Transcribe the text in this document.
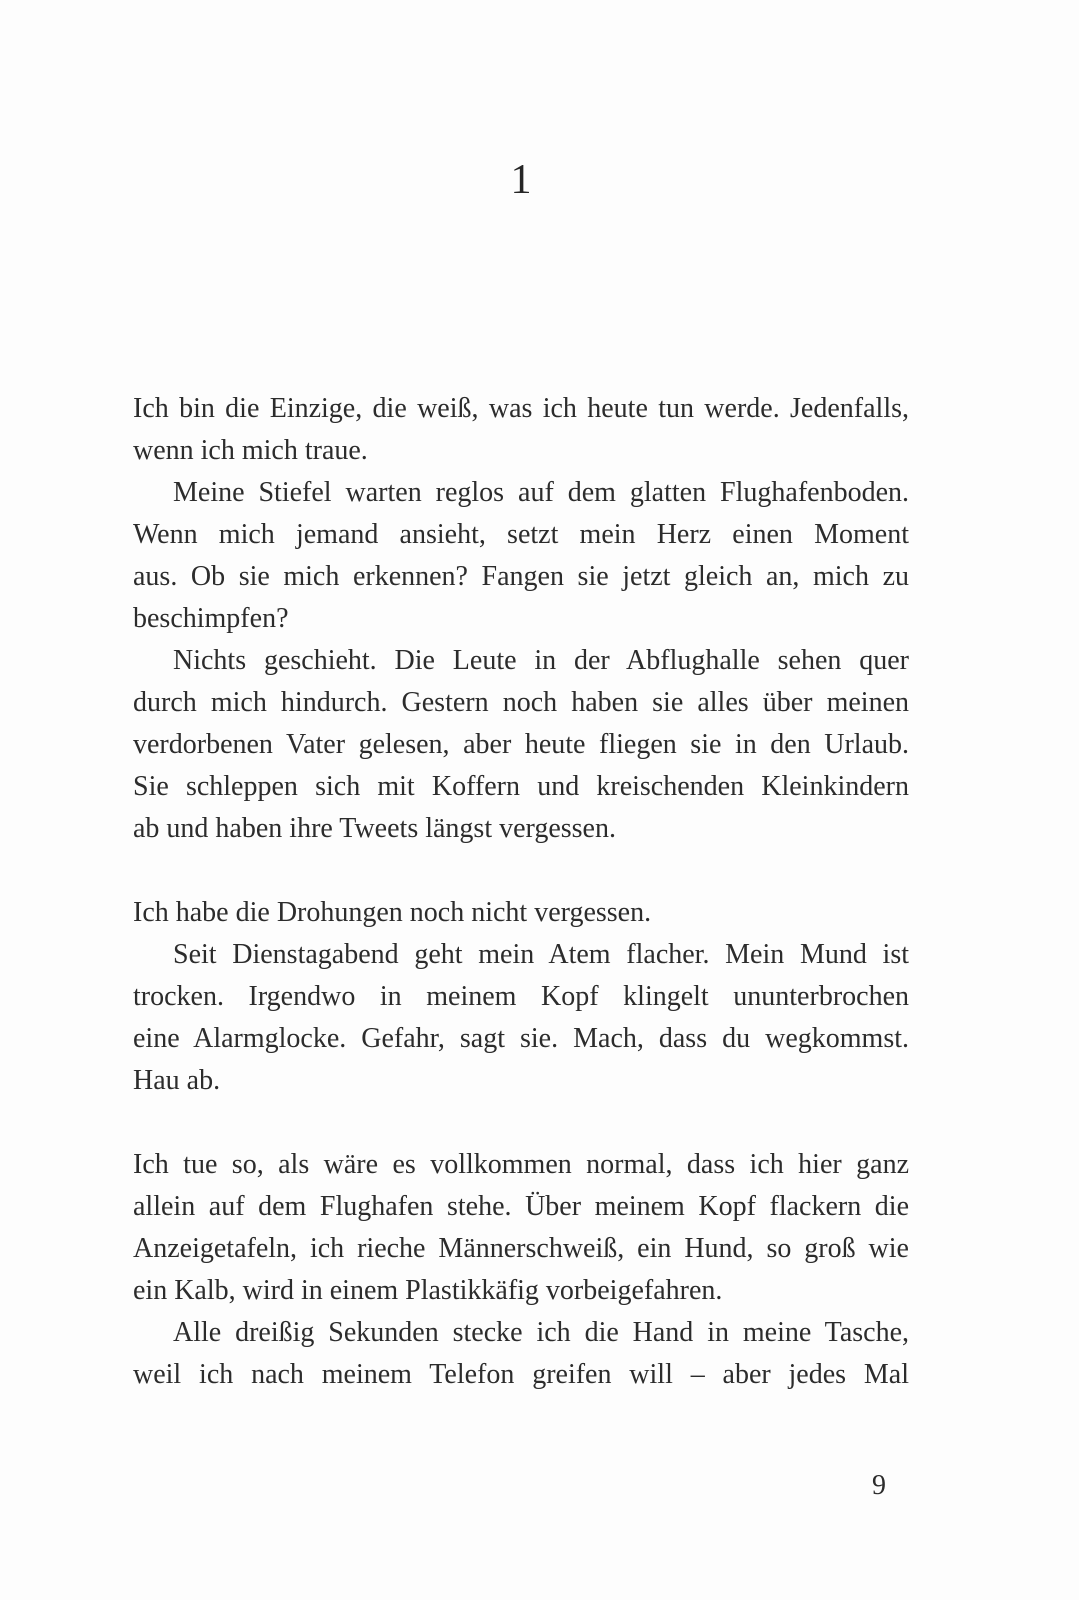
1
Ich bin die Einzige, die weiß, was ich heute tun werde. Jedenfalls,
wenn ich mich traue.
Meine Stiefel warten reglos auf dem glatten Flughafenboden.
Wenn mich jemand ansieht, setzt mein Herz einen Moment
aus. Ob sie mich erkennen? Fangen sie jetzt gleich an, mich zu
beschimpfen?
Nichts geschieht. Die Leute in der Abflughalle sehen quer
durch mich hindurch. Gestern noch haben sie alles über meinen
verdorbenen Vater gelesen, aber heute fliegen sie in den Urlaub.
Sie schleppen sich mit Koffern und kreischenden Kleinkindern
ab und haben ihre Tweets längst vergessen.
Ich habe die Drohungen noch nicht vergessen.
Seit Dienstagabend geht mein Atem flacher. Mein Mund ist
trocken. Irgendwo in meinem Kopf klingelt ununterbrochen
eine Alarmglocke. Gefahr, sagt sie. Mach, dass du wegkommst.
Hau ab.
Ich tue so, als wäre es vollkommen normal, dass ich hier ganz
allein auf dem Flughafen stehe. Über meinem Kopf flackern die
Anzeigetafeln, ich rieche Männerschweiß, ein Hund, so groß wie
ein Kalb, wird in einem Plastikkäfig vorbeigefahren.
Alle dreißig Sekunden stecke ich die Hand in meine Tasche,
weil ich nach meinem Telefon greifen will – aber jedes Mal
9
